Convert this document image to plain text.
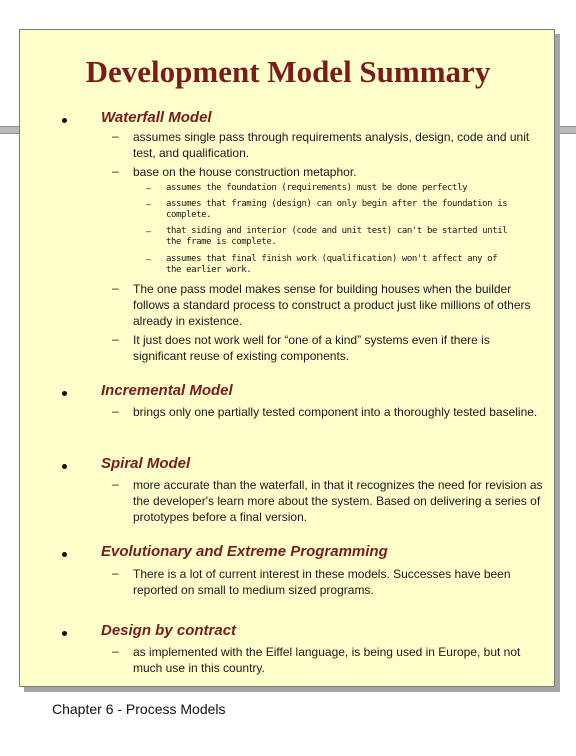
Development Model Summary
Waterfall Model
– assumes single pass through requirements analysis, design, code and unit test, and qualification.
– base on the house construction metaphor.
– assumes the foundation (requirements) must be done perfectly
– assumes that framing (design) can only begin after the foundation is complete.
– that siding and interior (code and unit test) can't be started until the frame is complete.
– assumes that final finish work (qualification) won't affect any of the earlier work.
– The one pass model makes sense for building houses when the builder follows a standard process to construct a product just like millions of others already in existence.
– It just does not work well for “one of a kind” systems even if there is significant reuse of existing components.
Incremental Model
– brings only one partially tested component into a thoroughly tested baseline.
Spiral Model
– more accurate than the waterfall, in that it recognizes the need for revision as the developer's learn more about the system. Based on delivering a series of prototypes before a final version.
Evolutionary and Extreme Programming
– There is a lot of current interest in these models. Successes have been reported on small to medium sized programs.
Design by contract
– as implemented with the Eiffel language, is being used in Europe, but not much use in this country.
Chapter 6 - Process Models
